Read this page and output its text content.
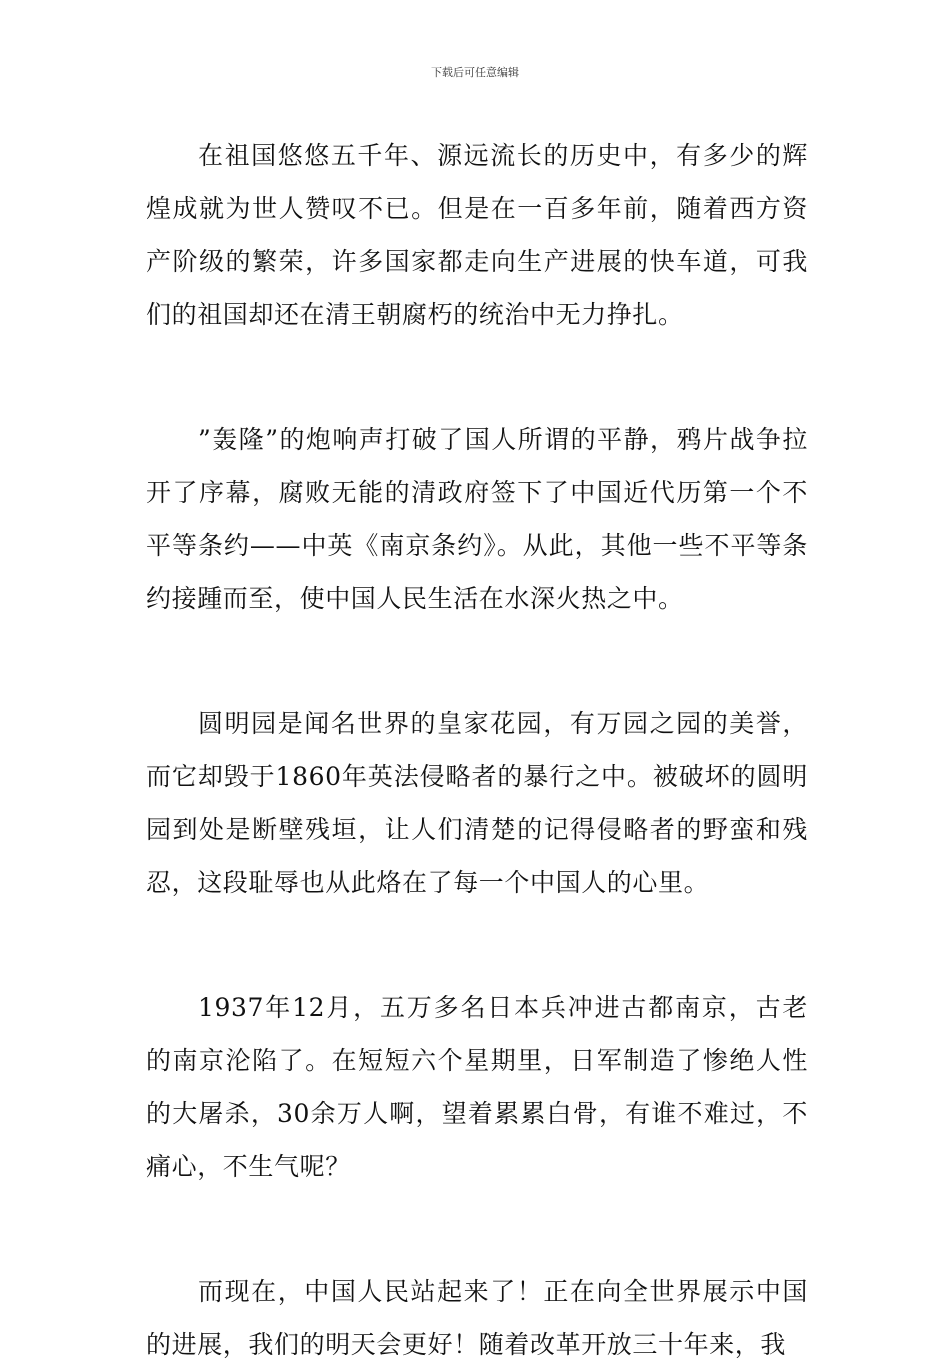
下载后可任意编辑

在祖国悠悠五千年、源远流长的历史中，有多少的辉煌成就为世人赞叹不已。但是在一百多年前，随着西方资产阶级的繁荣，许多国家都走向生产进展的快车道，可我们的祖国却还在清王朝腐朽的统治中无力挣扎。

”轰隆”的炮响声打破了国人所谓的平静，鸦片战争拉开了序幕，腐败无能的清政府签下了中国近代历第一个不平等条约——中英《南京条约》。从此，其他一些不平等条约接踵而至，使中国人民生活在水深火热之中。

圆明园是闻名世界的皇家花园，有万园之园的美誉，而它却毁于1860年英法侵略者的暴行之中。被破坏的圆明园到处是断壁残垣，让人们清楚的记得侵略者的野蛮和残忍，这段耻辱也从此烙在了每一个中国人的心里。

1937年12月，五万多名日本兵冲进古都南京，古老的南京沦陷了。在短短六个星期里，日军制造了惨绝人性的大屠杀，30余万人啊，望着累累白骨，有谁不难过，不痛心，不生气呢？

而现在，中国人民站起来了！正在向全世界展示中国的进展，我们的明天会更好！随着改革开放三十年来，我
